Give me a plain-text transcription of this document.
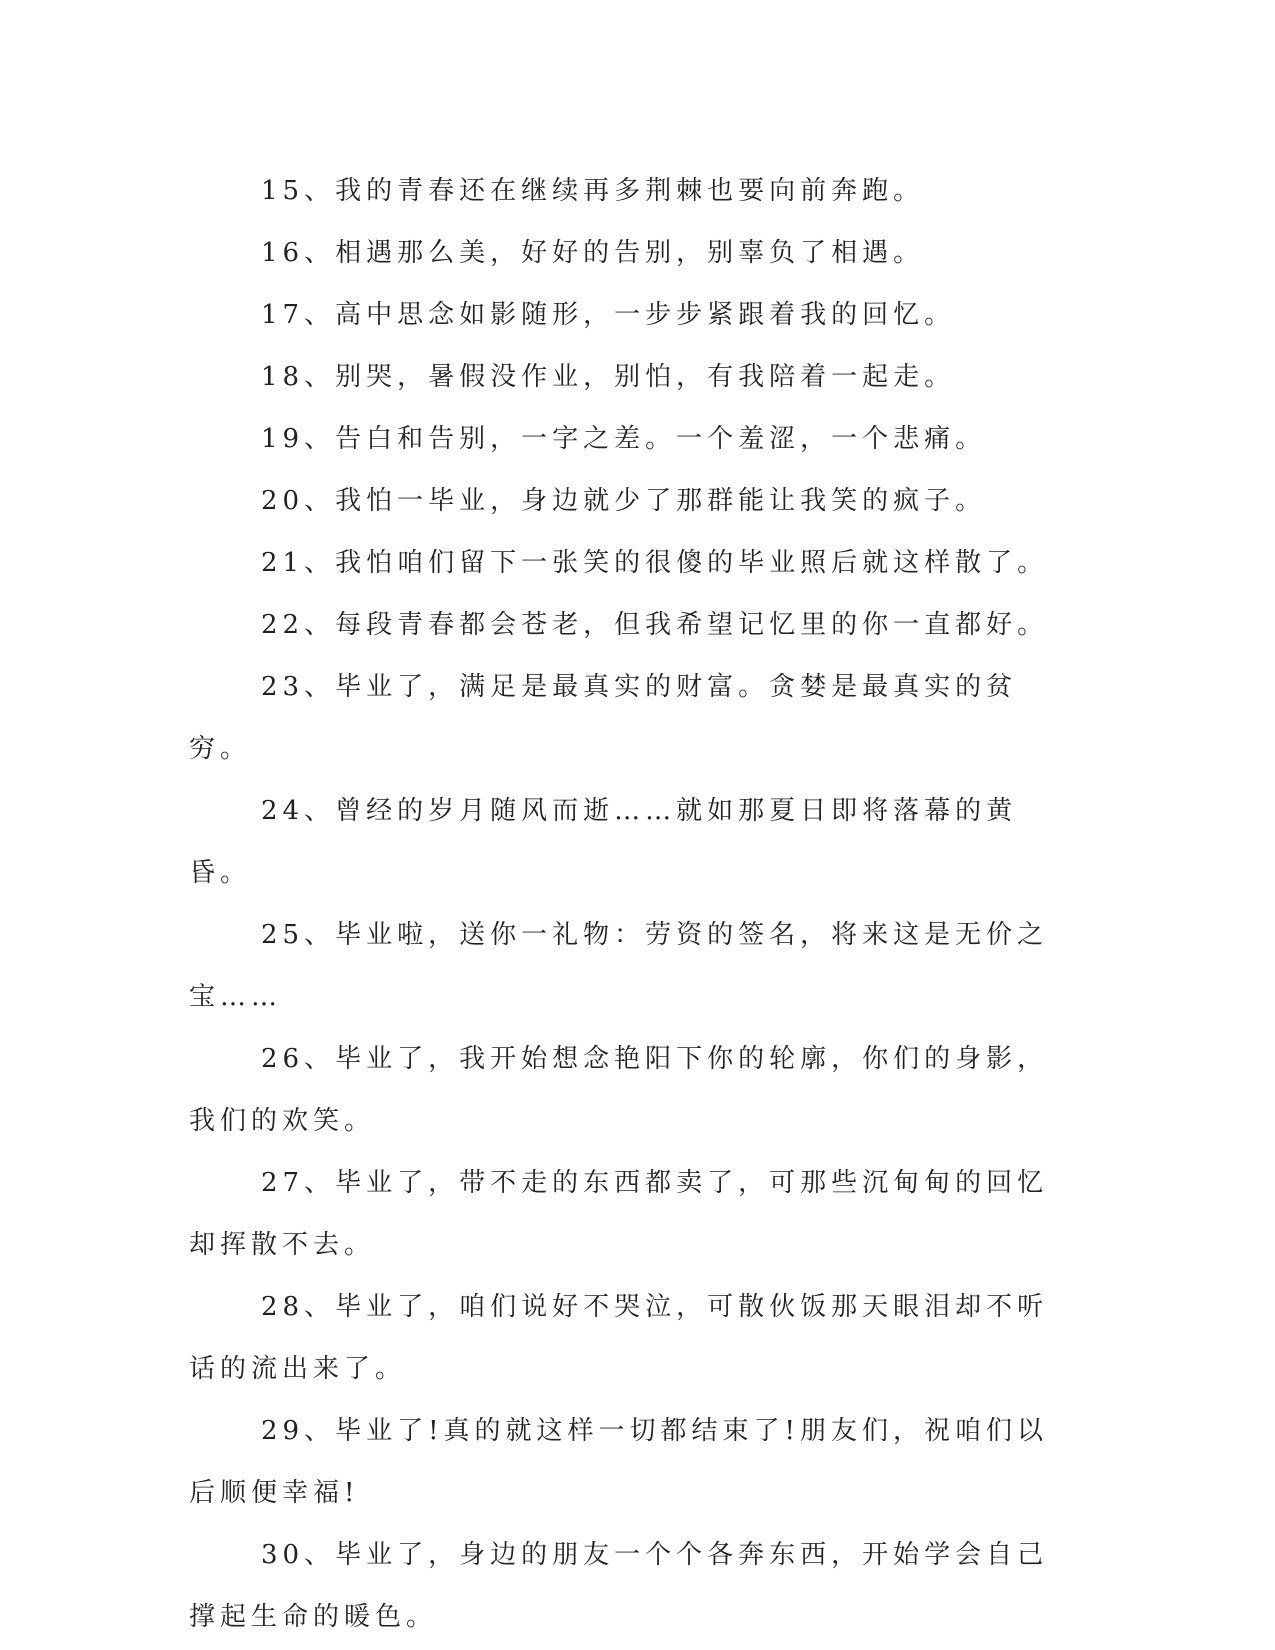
15、我的青春还在继续再多荆棘也要向前奔跑。

16、相遇那么美，好好的告别，别辜负了相遇。

17、高中思念如影随形，一步步紧跟着我的回忆。

18、别哭，暑假没作业，别怕，有我陪着一起走。

19、告白和告别，一字之差。一个羞涩，一个悲痛。

20、我怕一毕业，身边就少了那群能让我笑的疯子。

21、我怕咱们留下一张笑的很傻的毕业照后就这样散了。

22、每段青春都会苍老，但我希望记忆里的你一直都好。

23、毕业了，满足是最真实的财富。贪婪是最真实的贫穷。

24、曾经的岁月随风而逝……就如那夏日即将落幕的黄昏。

25、毕业啦，送你一礼物：劳资的签名，将来这是无价之宝……

26、毕业了，我开始想念艳阳下你的轮廓，你们的身影，我们的欢笑。

27、毕业了，带不走的东西都卖了，可那些沉甸甸的回忆却挥散不去。

28、毕业了，咱们说好不哭泣，可散伙饭那天眼泪却不听话的流出来了。

29、毕业了!真的就这样一切都结束了!朋友们，祝咱们以后顺便幸福!

30、毕业了，身边的朋友一个个各奔东西，开始学会自己撑起生命的暖色。
